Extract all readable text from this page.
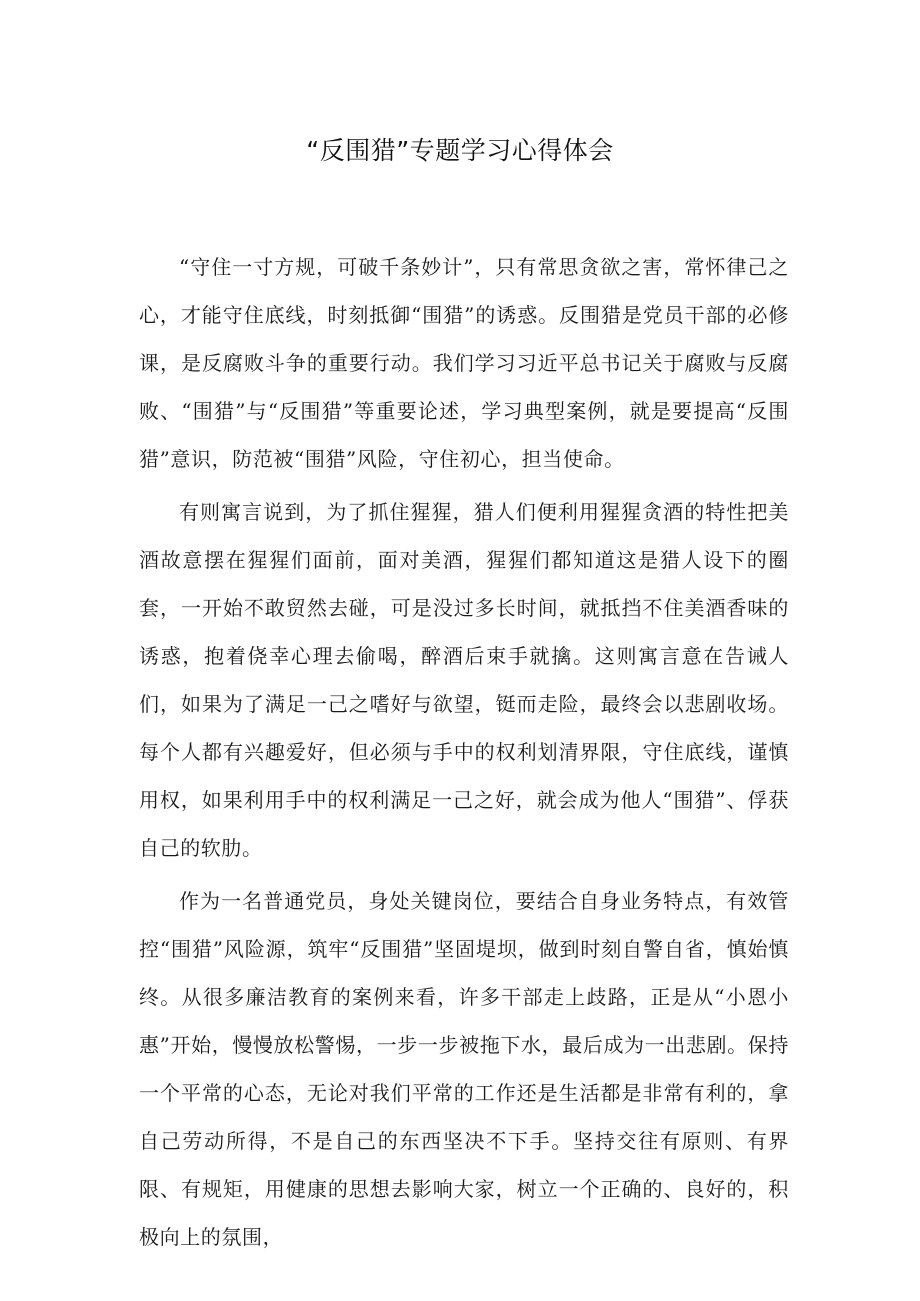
“反围猎”专题学习心得体会

“守住一寸方规，可破千条妙计”，只有常思贪欲之害，常怀律己之心，才能守住底线，时刻抵御“围猎”的诱惑。反围猎是党员干部的必修课，是反腐败斗争的重要行动。我们学习习近平总书记关于腐败与反腐败、“围猎”与“反围猎”等重要论述，学习典型案例，就是要提高“反围猎”意识，防范被“围猎”风险，守住初心，担当使命。

有则寓言说到，为了抓住猩猩，猎人们便利用猩猩贪酒的特性把美酒故意摆在猩猩们面前，面对美酒，猩猩们都知道这是猎人设下的圈套，一开始不敢贸然去碰，可是没过多长时间，就抵挡不住美酒香味的诱惑，抱着侥幸心理去偷喝，醉酒后束手就擒。这则寓言意在告诫人们，如果为了满足一己之嗜好与欲望，铤而走险，最终会以悲剧收场。每个人都有兴趣爱好，但必须与手中的权利划清界限，守住底线，谨慎用权，如果利用手中的权利满足一己之好，就会成为他人“围猎”、俘获自己的软肋。

作为一名普通党员，身处关键岗位，要结合自身业务特点，有效管控“围猎”风险源，筑牢“反围猎”坚固堤坝，做到时刻自警自省，慎始慎终。从很多廉洁教育的案例来看，许多干部走上歧路，正是从“小恩小惠”开始，慢慢放松警惕，一步一步被拖下水，最后成为一出悲剧。保持一个平常的心态，无论对我们平常的工作还是生活都是非常有利的，拿自己劳动所得，不是自己的东西坚决不下手。坚持交往有原则、有界限、有规矩，用健康的思想去影响大家，树立一个正确的、良好的，积极向上的氛围，
